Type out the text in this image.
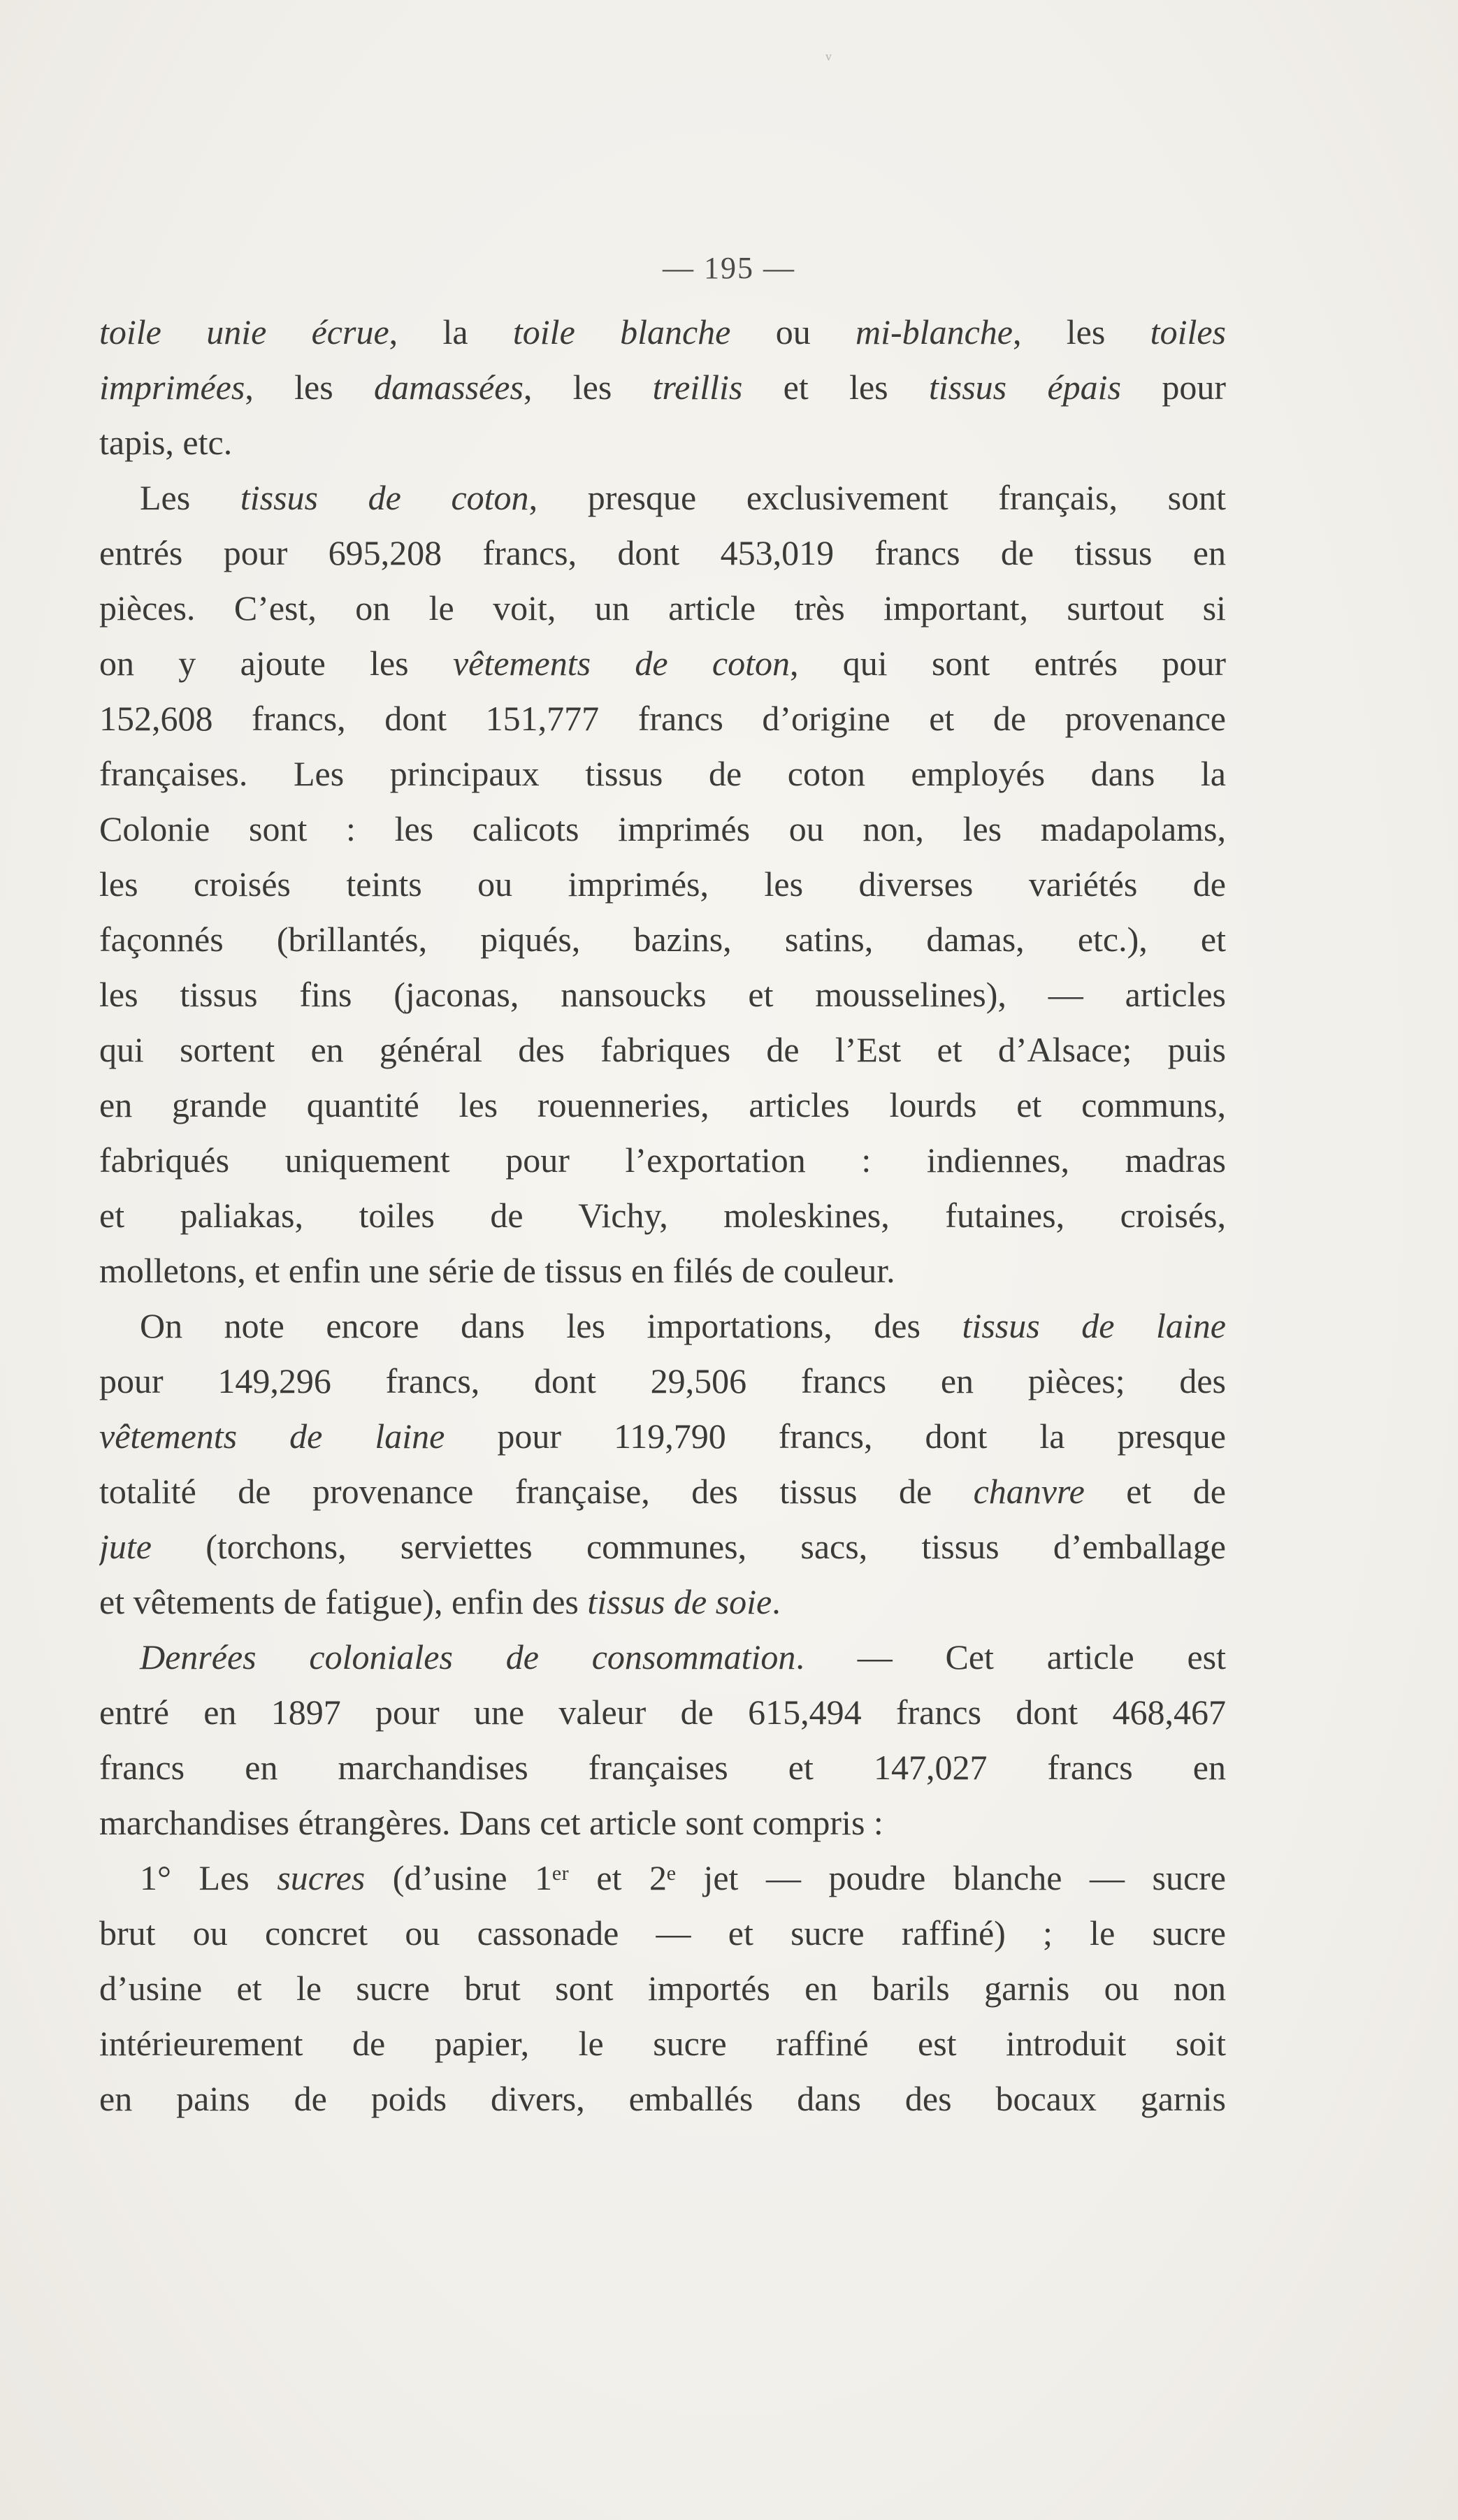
ᵥ
— 195 —
toile unie écrue, la toile blanche ou mi-blanche, les toiles
imprimées, les damassées, les treillis et les tissus épais pour
tapis, etc.
Les tissus de coton, presque exclusivement français, sont
entrés pour 695,208 francs, dont 453,019 francs de tissus en
pièces. C’est, on le voit, un article très important, surtout si
on y ajoute les vêtements de coton, qui sont entrés pour
152,608 francs, dont 151,777 francs d’origine et de provenance
françaises. Les principaux tissus de coton employés dans la
Colonie sont : les calicots imprimés ou non, les madapolams,
les croisés teints ou imprimés, les diverses variétés de
façonnés (brillantés, piqués, bazins, satins, damas, etc.), et
les tissus fins (jaconas, nansoucks et mousselines), — articles
qui sortent en général des fabriques de l’Est et d’Alsace; puis
en grande quantité les rouenneries, articles lourds et communs,
fabriqués uniquement pour l’exportation : indiennes, madras
et paliakas, toiles de Vichy, moleskines, futaines, croisés,
molletons, et enfin une série de tissus en filés de couleur.
On note encore dans les importations, des tissus de laine
pour 149,296 francs, dont 29,506 francs en pièces; des
vêtements de laine pour 119,790 francs, dont la presque
totalité de provenance française, des tissus de chanvre et de
jute (torchons, serviettes communes, sacs, tissus d’emballage
et vêtements de fatigue), enfin des tissus de soie.
Denrées coloniales de consommation. — Cet article est
entré en 1897 pour une valeur de 615,494 francs dont 468,467
francs en marchandises françaises et 147,027 francs en
marchandises étrangères. Dans cet article sont compris :
1° Les sucres (d’usine 1ᵉʳ et 2ᵉ jet — poudre blanche — sucre
brut ou concret ou cassonade — et sucre raffiné) ; le sucre
d’usine et le sucre brut sont importés en barils garnis ou non
intérieurement de papier, le sucre raffiné est introduit soit
en pains de poids divers, emballés dans des bocaux garnis
